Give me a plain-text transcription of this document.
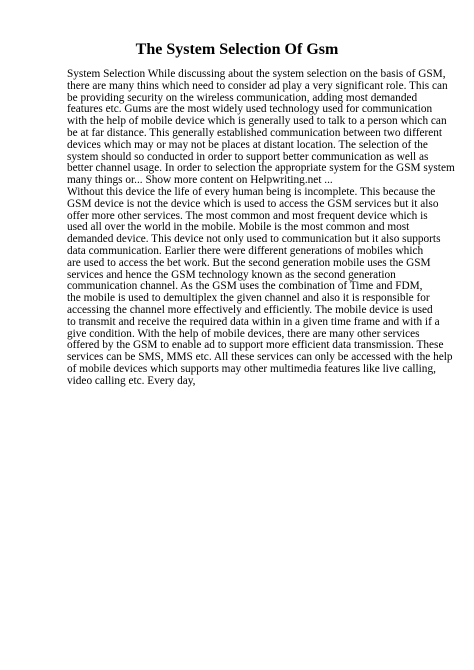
The System Selection Of Gsm
System Selection While discussing about the system selection on the basis of GSM,
there are many thins which need to consider ad play a very significant role. This can
be providing security on the wireless communication, adding most demanded
features etc. Gums are the most widely used technology used for communication
with the help of mobile device which is generally used to talk to a person which can
be at far distance. This generally established communication between two different
devices which may or may not be places at distant location. The selection of the
system should so conducted in order to support better communication as well as
better channel usage. In order to selection the appropriate system for the GSM system
many things or... Show more content on Helpwriting.net ...
Without this device the life of every human being is incomplete. This because the
GSM device is not the device which is used to access the GSM services but it also
offer more other services. The most common and most frequent device which is
used all over the world in the mobile. Mobile is the most common and most
demanded device. This device not only used to communication but it also supports
data communication. Earlier there were different generations of mobiles which
are used to access the bet work. But the second generation mobile uses the GSM
services and hence the GSM technology known as the second generation
communication channel. As the GSM uses the combination of Time and FDM,
the mobile is used to demultiplex the given channel and also it is responsible for
accessing the channel more effectively and efficiently. The mobile device is used
to transmit and receive the required data within in a given time frame and with if a
give condition. With the help of mobile devices, there are many other services
offered by the GSM to enable ad to support more efficient data transmission. These
services can be SMS, MMS etc. All these services can only be accessed with the help
of mobile devices which supports may other multimedia features like live calling,
video calling etc. Every day,
